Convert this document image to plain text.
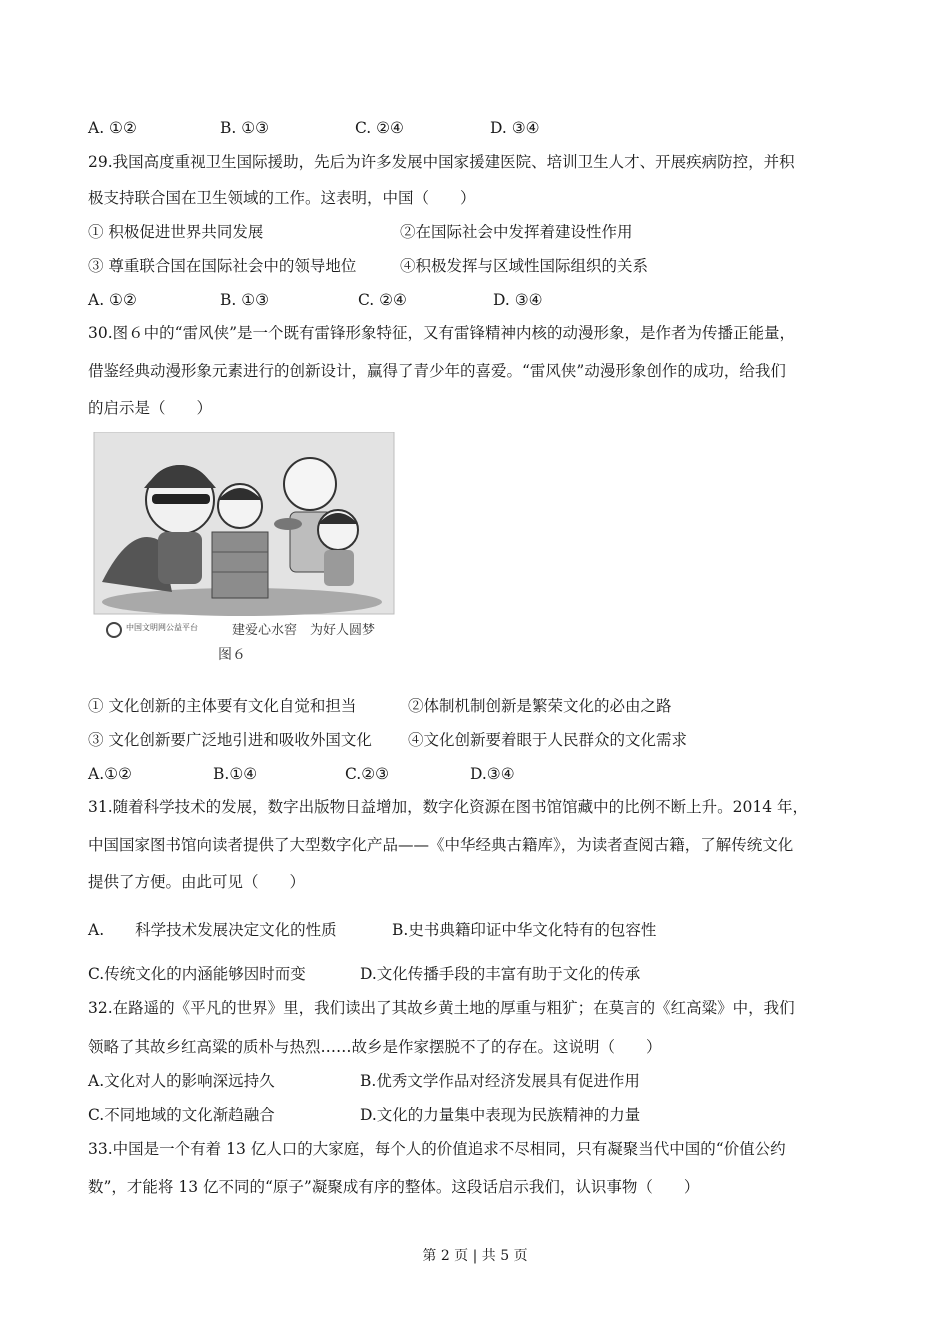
A. ①②	B. ①③	C. ②④	D. ③④
29.我国高度重视卫生国际援助，先后为许多发展中国家援建医院、培训卫生人才、开展疾病防控，并积
极支持联合国在卫生领域的工作。这表明，中国（　　）
① 积极促进世界共同发展	②在国际社会中发挥着建设性作用
③ 尊重联合国在国际社会中的领导地位	④积极发挥与区域性国际组织的关系
A. ①②	B. ①③	C. ②④	D. ③④
30.图６中的“雷风侠”是一个既有雷锋形象特征，又有雷锋精神内核的动漫形象，是作者为传播正能量，
借鉴经典动漫形象元素进行的创新设计，赢得了青少年的喜爱。“雷风侠”动漫形象创作的成功，给我们
的启示是（　　）
中国文明网公益平台	建爱心水窖　为好人圆梦
图６
① 文化创新的主体要有文化自觉和担当	②体制机制创新是繁荣文化的必由之路
③ 文化创新要广泛地引进和吸收外国文化 ④文化创新要着眼于人民群众的文化需求
A.①②	B.①④	C.②③	D.③④
31.随着科学技术的发展，数字出版物日益增加，数字化资源在图书馆馆藏中的比例不断上升。2014 年，
中国国家图书馆向读者提供了大型数字化产品——《中华经典古籍库》，为读者查阅古籍，了解传统文化
提供了方便。由此可见（　　）
A.　　科学技术发展决定文化的性质	B.史书典籍印证中华文化特有的包容性
C.传统文化的内涵能够因时而变	D.文化传播手段的丰富有助于文化的传承
32.在路遥的《平凡的世界》里，我们读出了其故乡黄土地的厚重与粗犷；在莫言的《红高粱》中，我们
领略了其故乡红高粱的质朴与热烈……故乡是作家摆脱不了的存在。这说明（　　）
A.文化对人的影响深远持久	B.优秀文学作品对经济发展具有促进作用
C.不同地域的文化渐趋融合	D.文化的力量集中表现为民族精神的力量
33.中国是一个有着 13 亿人口的大家庭，每个人的价值追求不尽相同，只有凝聚当代中国的“价值公约
数”，才能将 13 亿不同的“原子”凝聚成有序的整体。这段话启示我们，认识事物（　　）
第 2 页 | 共 5 页
